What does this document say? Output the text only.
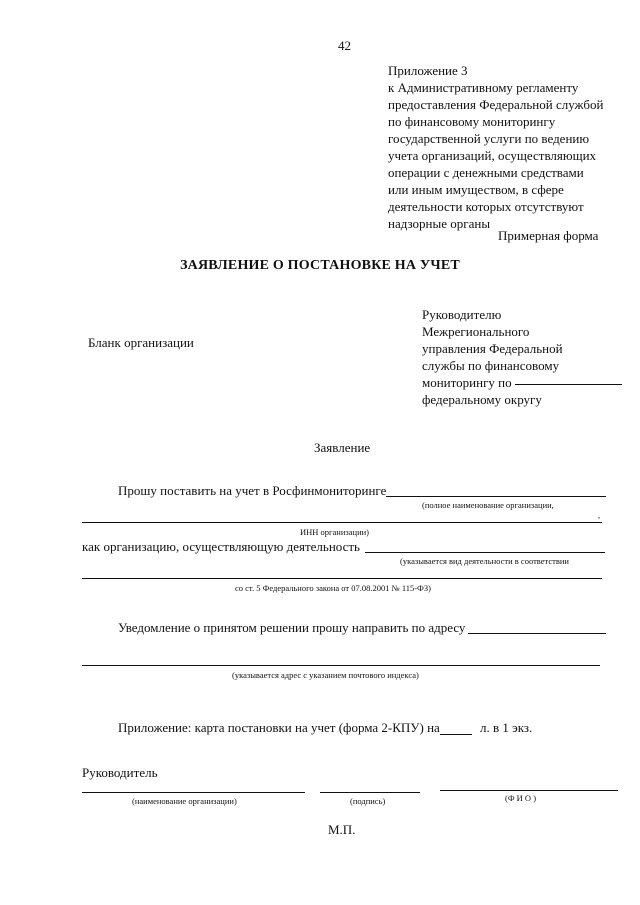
42
Приложение 3
к Административному регламенту
предоставления Федеральной службой
по финансовому мониторингу
государственной услуги по ведению
учета организаций, осуществляющих
операции с денежными средствами
или иным имуществом, в сфере
деятельности которых отсутствуют
надзорные органы
Примерная форма
ЗАЯВЛЕНИЕ О ПОСТАНОВКЕ НА УЧЕТ
Бланк организации
Руководителю
Межрегионального
управления Федеральной
службы по финансовому
мониторингу по
федеральному округу
Заявление
Прошу поставить на учет в Росфинмониторинге
(полное наименование организации,
,
ИНН организации)
как организацию, осуществляющую деятельность
(указывается вид деятельности в соответствии
со ст. 5 Федерального закона от 07.08.2001 № 115-ФЗ)
Уведомление о принятом решении прошу направить по адресу
(указывается адрес с указанием почтового индекса)
Приложение: карта постановки на учет (форма 2-КПУ) на	л. в 1 экз.
Руководитель
(наименование организации)	(подпись)	(Ф И О )
М.П.
